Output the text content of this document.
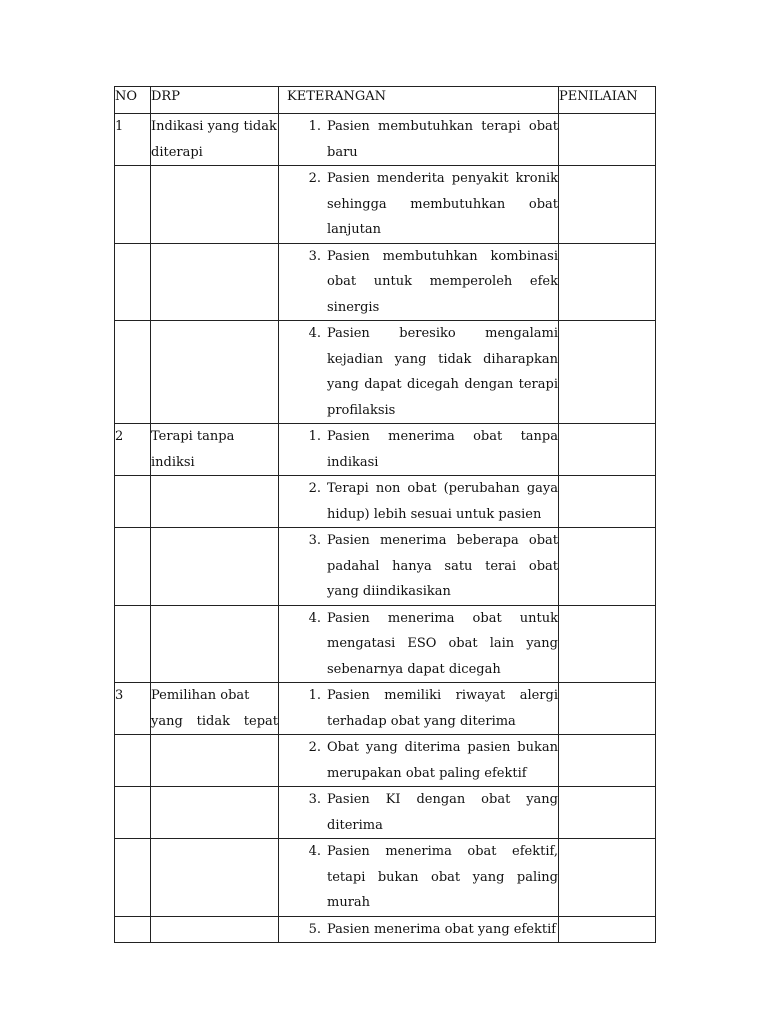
NO	DRP	KETERANGAN	PENILAIAN
1	Indikasi yang tidak diterapi	1. Pasien membutuhkan terapi obat baru	

		2. Pasien menderita penyakit kronik sehingga membutuhkan obat lanjutan	

		3. Pasien membutuhkan kombinasi obat untuk memperoleh efek sinergis	

		4. Pasien beresiko mengalami kejadian yang tidak diharapkan yang dapat dicegah dengan terapi profilaksis	

2	Terapi tanpa indiksi	1. Pasien menerima obat tanpa indikasi	

		2. Terapi non obat (perubahan gaya hidup) lebih sesuai untuk pasien	

		3. Pasien menerima beberapa obat padahal hanya satu terai obat yang diindikasikan	

		4. Pasien menerima obat untuk mengatasi ESO obat lain yang sebenarnya dapat dicegah	

3	Pemilihan obat yang tidak tepat	1. Pasien memiliki riwayat alergi terhadap obat yang diterima	

		2. Obat yang diterima pasien bukan merupakan obat paling efektif	

		3. Pasien KI dengan obat yang diterima	

		4. Pasien menerima obat efektif, tetapi bukan obat yang paling murah	

		5. Pasien menerima obat yang efektif	
